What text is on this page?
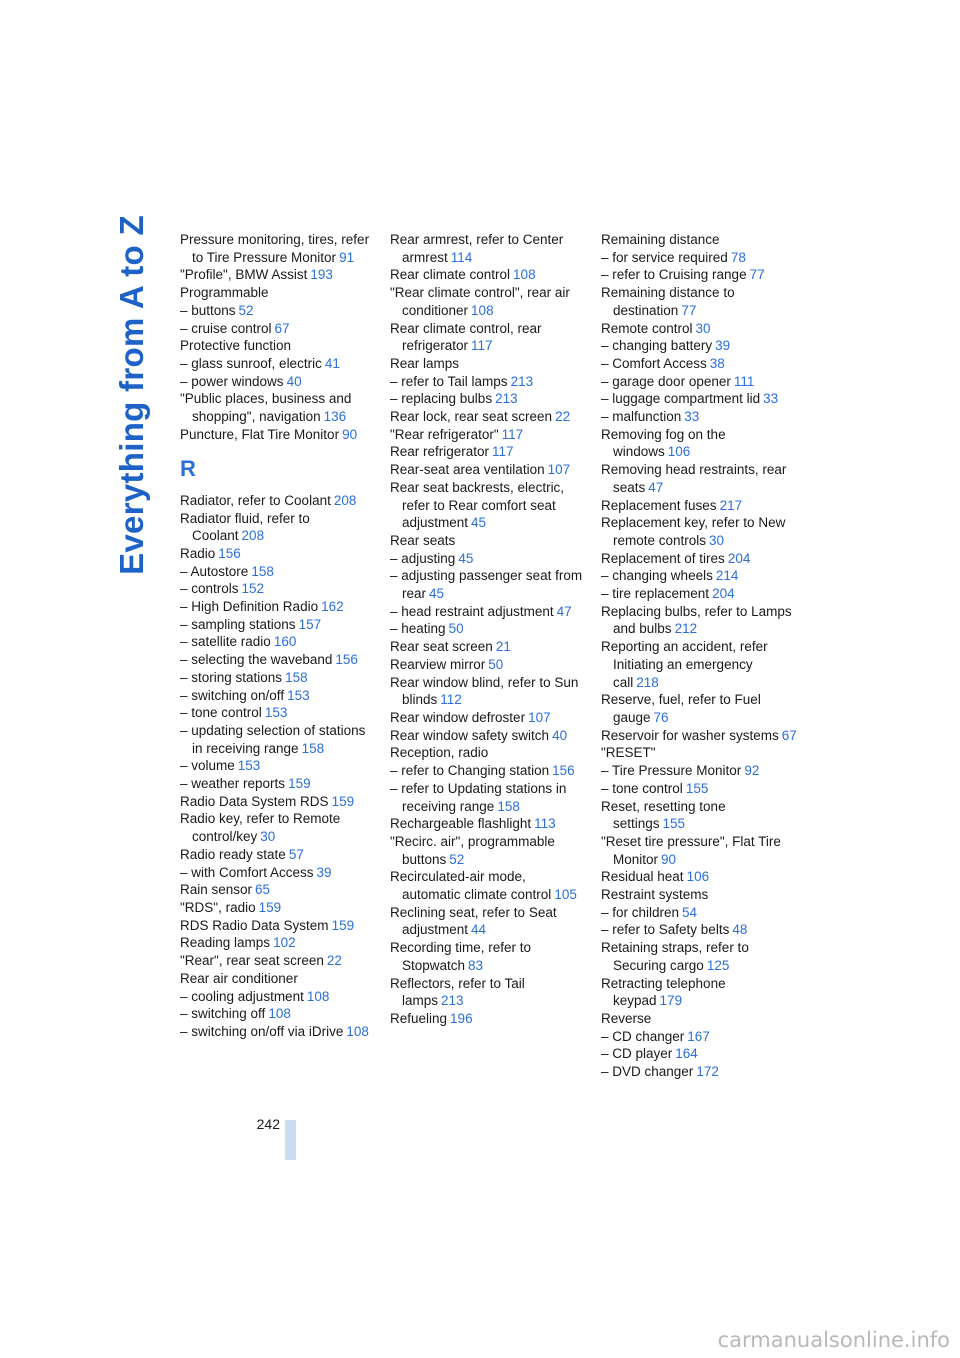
Everything from A to Z Pressure monitoring, tires, refer to Tire Pressure Monitor 91
"Profile", BMW Assist 193
Programmable
– buttons 52
– cruise control 67
Protective function
– glass sunroof, electric 41
– power windows 40
"Public places, business and shopping", navigation 136
Puncture, Flat Tire Monitor 90
R
Radiator, refer to Coolant 208
Radiator fluid, refer to Coolant 208
Radio 156
– Autostore 158
– controls 152
– High Definition Radio 162
– sampling stations 157
– satellite radio 160
– selecting the waveband 156
– storing stations 158
– switching on/off 153
– tone control 153
– updating selection of stations in receiving range 158
– volume 153
– weather reports 159
Radio Data System RDS 159
Radio key, refer to Remote control/key 30
Radio ready state 57
– with Comfort Access 39
Rain sensor 65
"RDS", radio 159
RDS Radio Data System 159
Reading lamps 102
"Rear", rear seat screen 22
Rear air conditioner
– cooling adjustment 108
– switching off 108
– switching on/off via iDrive 108
Rear armrest, refer to Center armrest 114
Rear climate control 108
"Rear climate control", rear air conditioner 108
Rear climate control, rear refrigerator 117
Rear lamps
– refer to Tail lamps 213
– replacing bulbs 213
Rear lock, rear seat screen 22
"Rear refrigerator" 117
Rear refrigerator 117
Rear-seat area ventilation 107
Rear seat backrests, electric, refer to Rear comfort seat adjustment 45
Rear seats
– adjusting 45
– adjusting passenger seat from rear 45
– head restraint adjustment 47
– heating 50
Rear seat screen 21
Rearview mirror 50
Rear window blind, refer to Sun blinds 112
Rear window defroster 107
Rear window safety switch 40
Reception, radio
– refer to Changing station 156
– refer to Updating stations in receiving range 158
Rechargeable flashlight 113
"Recirc. air", programmable buttons 52
Recirculated-air mode, automatic climate control 105
Reclining seat, refer to Seat adjustment 44
Recording time, refer to Stopwatch 83
Reflectors, refer to Tail lamps 213
Refueling 196
Remaining distance
– for service required 78
– refer to Cruising range 77
Remaining distance to destination 77
Remote control 30
– changing battery 39
– Comfort Access 38
– garage door opener 111
– luggage compartment lid 33
– malfunction 33
Removing fog on the windows 106
Removing head restraints, rear seats 47
Replacement fuses 217
Replacement key, refer to New remote controls 30
Replacement of tires 204
– changing wheels 214
– tire replacement 204
Replacing bulbs, refer to Lamps and bulbs 212
Reporting an accident, refer Initiating an emergency call 218
Reserve, fuel, refer to Fuel gauge 76
Reservoir for washer systems 67
"RESET"
– Tire Pressure Monitor 92
– tone control 155
Reset, resetting tone settings 155
"Reset tire pressure", Flat Tire Monitor 90
Residual heat 106
Restraint systems
– for children 54
– refer to Safety belts 48
Retaining straps, refer to Securing cargo 125
Retracting telephone keypad 179
Reverse
– CD changer 167
– CD player 164
– DVD changer 172
242
carmanualsonline.info
